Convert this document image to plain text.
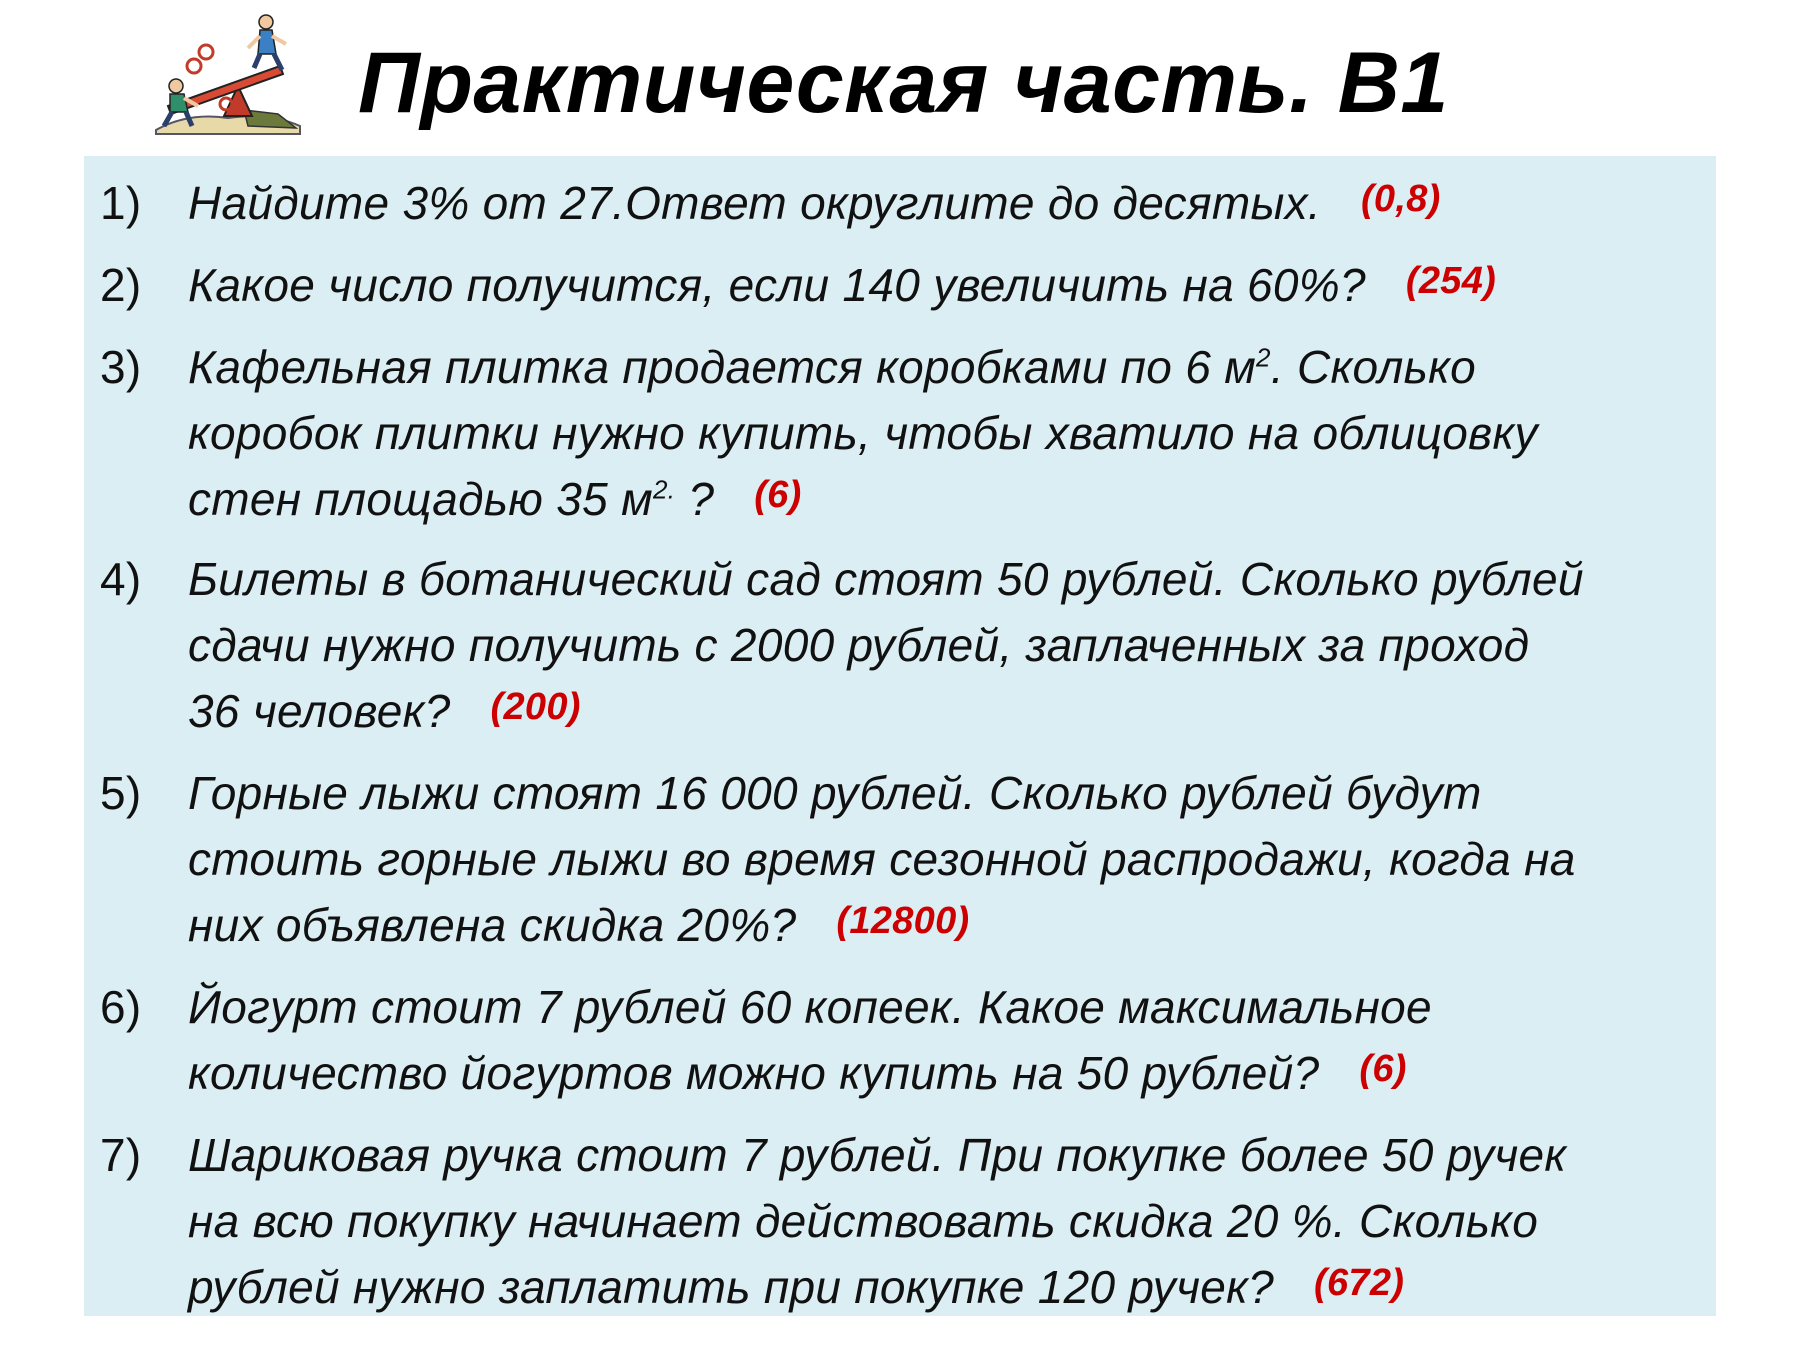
Практическая часть. В1
1) Найдите 3% от 27.Ответ округлите до десятых. (0,8)
2) Какое число получится, если 140 увеличить на 60%? (254)
3) Кафельная плитка продается коробками по 6 $м^2$. Сколько
коробок плитки нужно купить, чтобы хватило на облицовку
стен площадью 35 $м^{2.}$ ? (6)
4) Билеты в ботанический сад стоят 50 рублей. Сколько рублей
сдачи нужно получить с 2000 рублей, заплаченных за проход
36 человек? (200)
5) Горные лыжи стоят 16 000 рублей. Сколько рублей будут
стоить горные лыжи во время сезонной распродажи, когда на
них объявлена скидка 20%? (12800)
6) Йогурт стоит 7 рублей 60 копеек. Какое максимальное
количество йогуртов можно купить на 50 рублей? (6)
7) Шариковая ручка стоит 7 рублей. При покупке более 50 ручек
на всю покупку начинает действовать скидка 20 %. Сколько
рублей нужно заплатить при покупке 120 ручек? (672)
